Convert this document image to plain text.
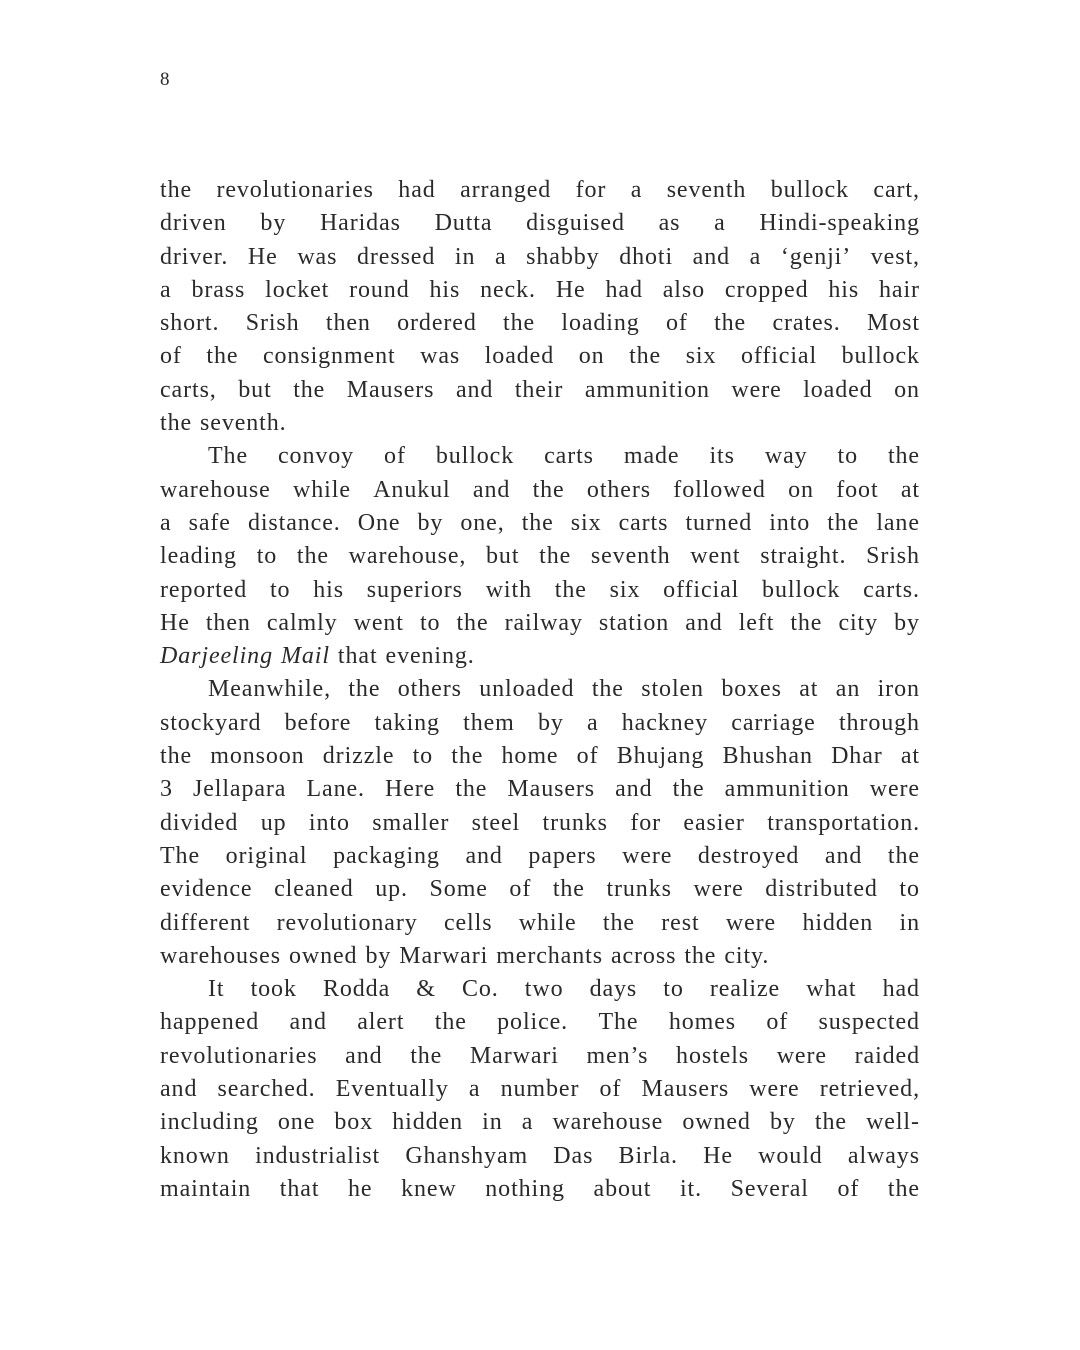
8
the revolutionaries had arranged for a seventh bullock cart,
driven by Haridas Dutta disguised as a Hindi-speaking
driver. He was dressed in a shabby dhoti and a ‘genji’ vest,
a brass locket round his neck. He had also cropped his hair
short. Srish then ordered the loading of the crates. Most
of the consignment was loaded on the six official bullock
carts, but the Mausers and their ammunition were loaded on
the seventh.
The convoy of bullock carts made its way to the
warehouse while Anukul and the others followed on foot at
a safe distance. One by one, the six carts turned into the lane
leading to the warehouse, but the seventh went straight. Srish
reported to his superiors with the six official bullock carts.
He then calmly went to the railway station and left the city by
Darjeeling Mail that evening.
Meanwhile, the others unloaded the stolen boxes at an iron
stockyard before taking them by a hackney carriage through
the monsoon drizzle to the home of Bhujang Bhushan Dhar at
3 Jellapara Lane. Here the Mausers and the ammunition were
divided up into smaller steel trunks for easier transportation.
The original packaging and papers were destroyed and the
evidence cleaned up. Some of the trunks were distributed to
different revolutionary cells while the rest were hidden in
warehouses owned by Marwari merchants across the city.
It took Rodda & Co. two days to realize what had
happened and alert the police. The homes of suspected
revolutionaries and the Marwari men’s hostels were raided
and searched. Eventually a number of Mausers were retrieved,
including one box hidden in a warehouse owned by the well-
known industrialist Ghanshyam Das Birla. He would always
maintain that he knew nothing about it. Several of the
